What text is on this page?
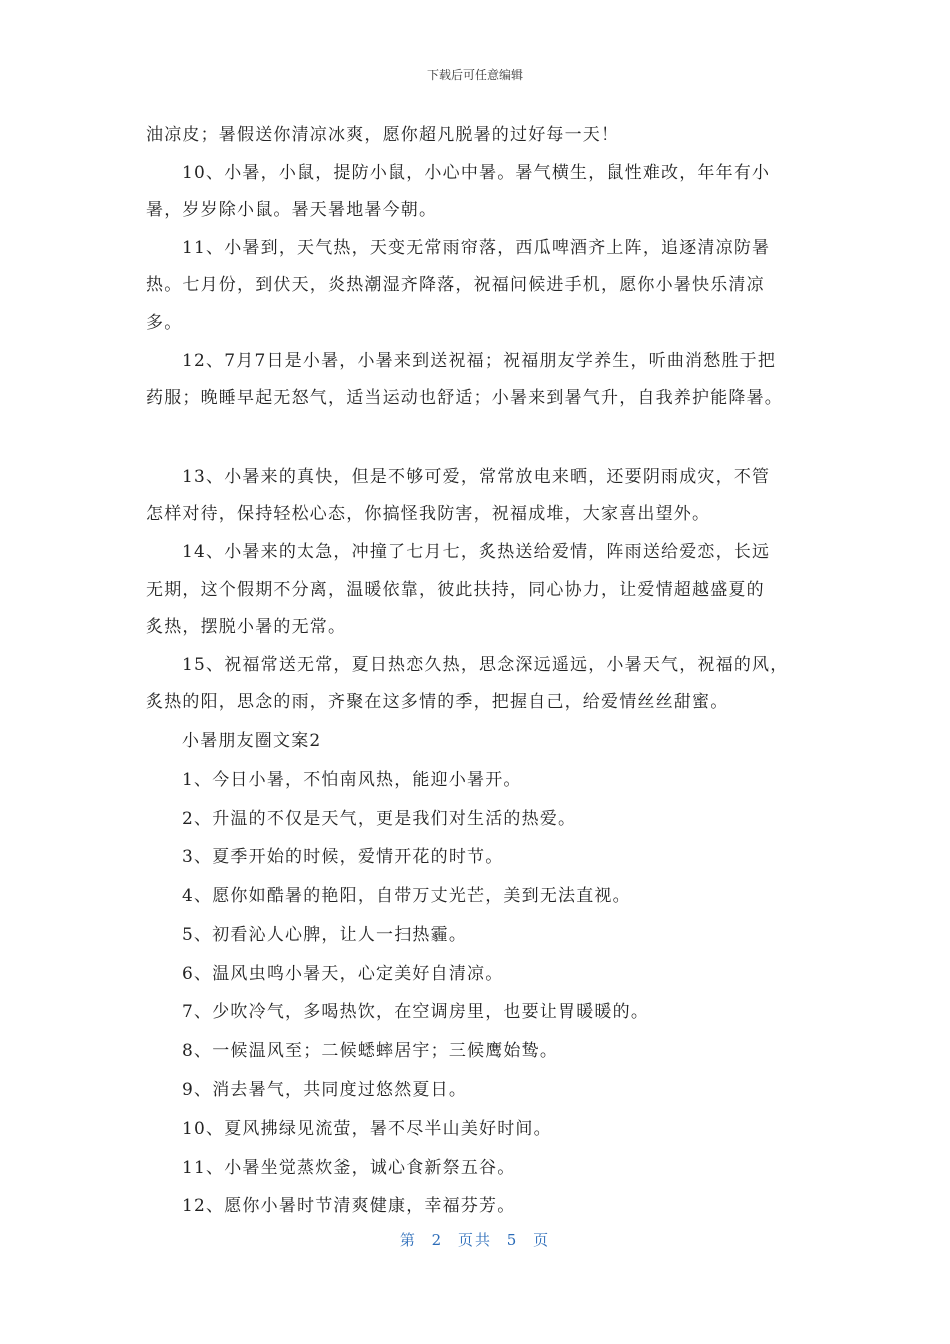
下载后可任意编辑

油凉皮；暑假送你清凉冰爽，愿你超凡脱暑的过好每一天！

10、小暑，小鼠，提防小鼠，小心中暑。暑气横生，鼠性难改，年年有小

暑，岁岁除小鼠。暑天暑地暑今朝。

11、小暑到，天气热，天变无常雨帘落，西瓜啤酒齐上阵，追逐清凉防暑

热。七月份，到伏天，炎热潮湿齐降落，祝福问候进手机，愿你小暑快乐清凉

多。

12、7月7日是小暑，小暑来到送祝福；祝福朋友学养生，听曲消愁胜于把

药服；晚睡早起无怒气，适当运动也舒适；小暑来到暑气升，自我养护能降暑。

13、小暑来的真快，但是不够可爱，常常放电来晒，还要阴雨成灾，不管

怎样对待，保持轻松心态，你搞怪我防害，祝福成堆，大家喜出望外。

14、小暑来的太急，冲撞了七月七，炙热送给爱情，阵雨送给爱恋，长远

无期，这个假期不分离，温暖依靠，彼此扶持，同心协力，让爱情超越盛夏的

炙热，摆脱小暑的无常。

15、祝福常送无常，夏日热恋久热，思念深远遥远，小暑天气，祝福的风，

炙热的阳，思念的雨，齐聚在这多情的季，把握自己，给爱情丝丝甜蜜。

小暑朋友圈文案2

1、今日小暑，不怕南风热，能迎小暑开。

2、升温的不仅是天气，更是我们对生活的热爱。

3、夏季开始的时候，爱情开花的时节。

4、愿你如酷暑的艳阳，自带万丈光芒，美到无法直视。

5、初看沁人心脾，让人一扫热霾。

6、温风虫鸣小暑天，心定美好自清凉。

7、少吹冷气，多喝热饮，在空调房里，也要让胃暖暖的。

8、一候温风至；二候蟋蟀居宇；三候鹰始鸷。

9、消去暑气，共同度过悠然夏日。

10、夏风拂绿见流萤，暑不尽半山美好时间。

11、小暑坐觉蒸炊釜，诚心食新祭五谷。

12、愿你小暑时节清爽健康，幸福芬芳。

第 2 页共 5 页
